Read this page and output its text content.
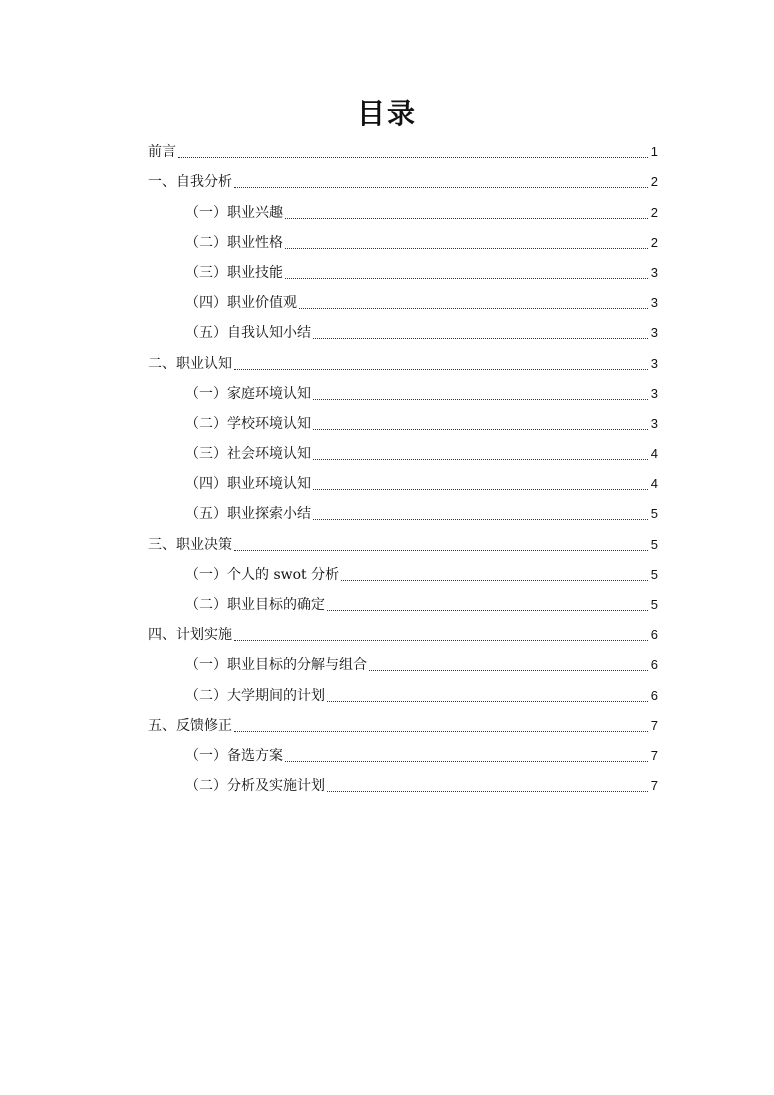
目录
前言	1
一、自我分析	2
（一）职业兴趣	2
（二）职业性格	2
（三）职业技能	3
（四）职业价值观	3
（五）自我认知小结	3
二、职业认知	3
（一）家庭环境认知	3
（二）学校环境认知	3
（三）社会环境认知	4
（四）职业环境认知	4
（五）职业探索小结	5
三、职业决策	5
（一）个人的 swot 分析	5
（二）职业目标的确定	5
四、计划实施	6
（一）职业目标的分解与组合	6
（二）大学期间的计划	6
五、反馈修正	7
（一）备选方案	7
（二）分析及实施计划	7
